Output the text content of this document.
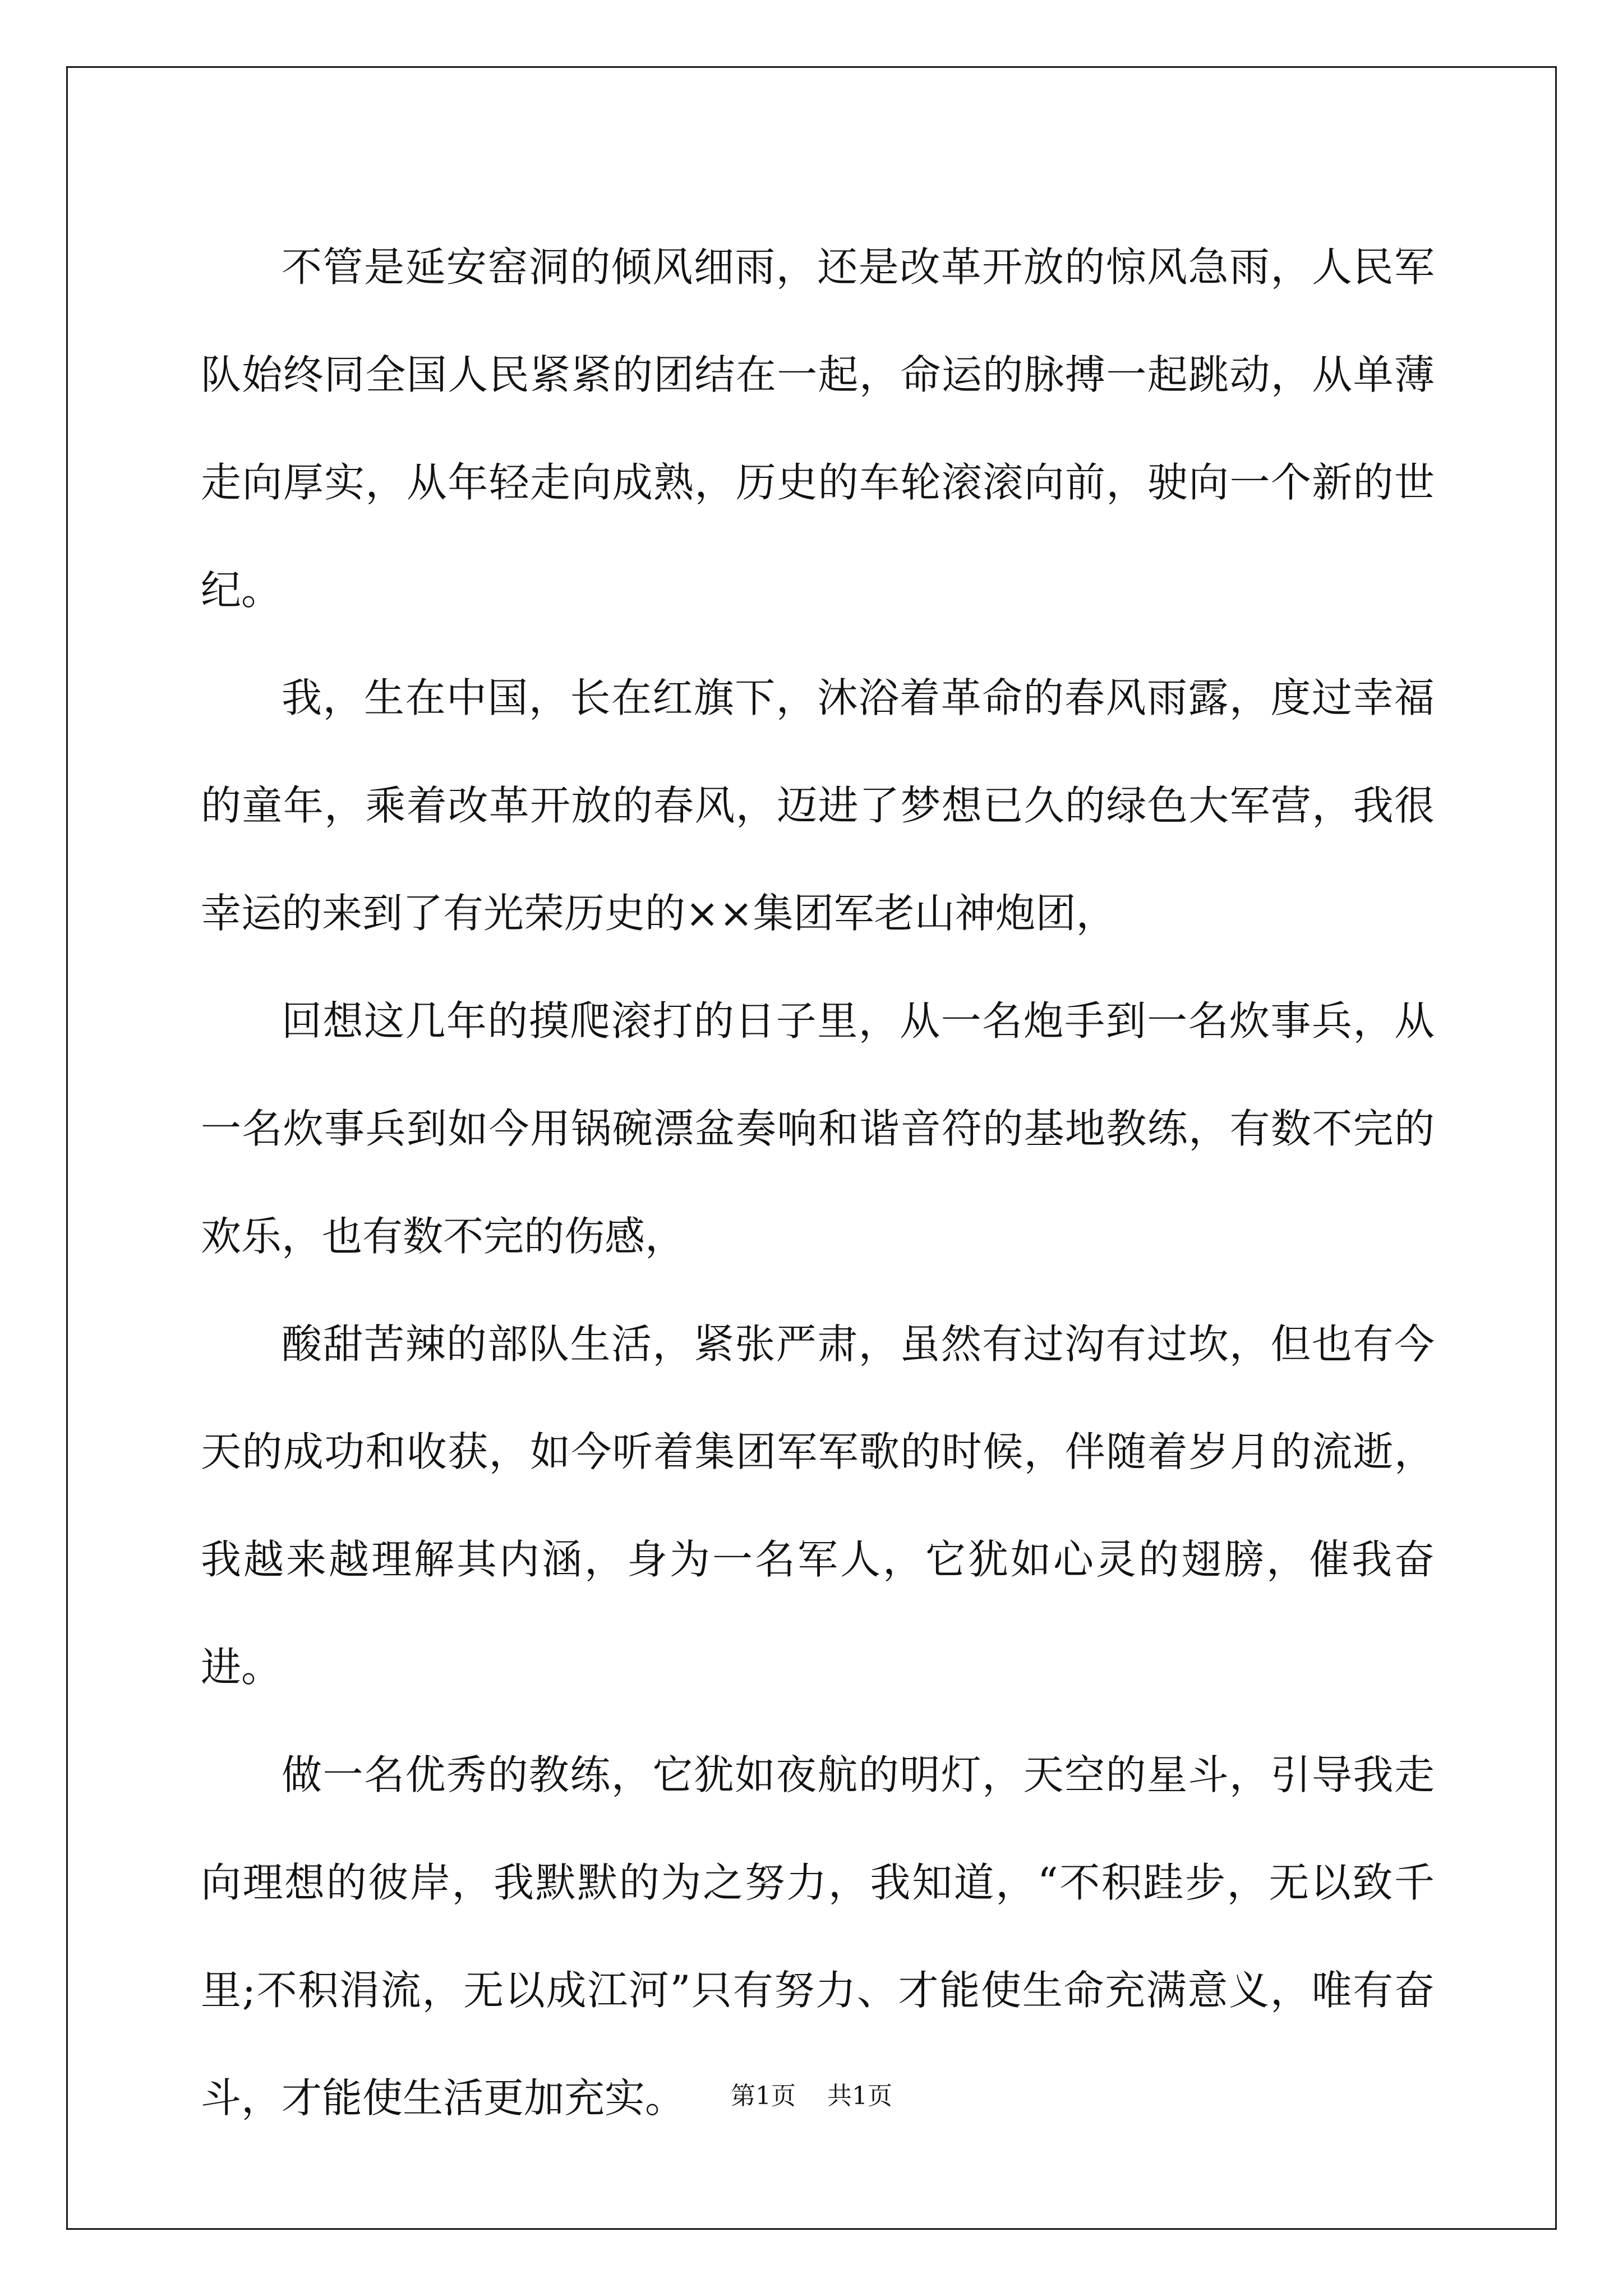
不管是延安窑洞的倾风细雨，还是改革开放的惊风急雨，人民军队始终同全国人民紧紧的团结在一起，命运的脉搏一起跳动，从单薄走向厚实，从年轻走向成熟，历史的车轮滚滚向前，驶向一个新的世纪。

我，生在中国，长在红旗下，沐浴着革命的春风雨露，度过幸福的童年，乘着改革开放的春风，迈进了梦想已久的绿色大军营，我很幸运的来到了有光荣历史的××集团军老山神炮团，

回想这几年的摸爬滚打的日子里，从一名炮手到一名炊事兵，从一名炊事兵到如今用锅碗漂盆奏响和谐音符的基地教练，有数不完的欢乐，也有数不完的伤感，

酸甜苦辣的部队生活，紧张严肃，虽然有过沟有过坎，但也有今天的成功和收获，如今听着集团军军歌的时候，伴随着岁月的流逝，我越来越理解其内涵，身为一名军人，它犹如心灵的翅膀，催我奋进。

做一名优秀的教练，它犹如夜航的明灯，天空的星斗，引导我走向理想的彼岸，我默默的为之努力，我知道，“不积跬步，无以致千里;不积涓流，无以成江河”只有努力、才能使生命充满意义，唯有奋斗，才能使生活更加充实。	第1页 共1页
